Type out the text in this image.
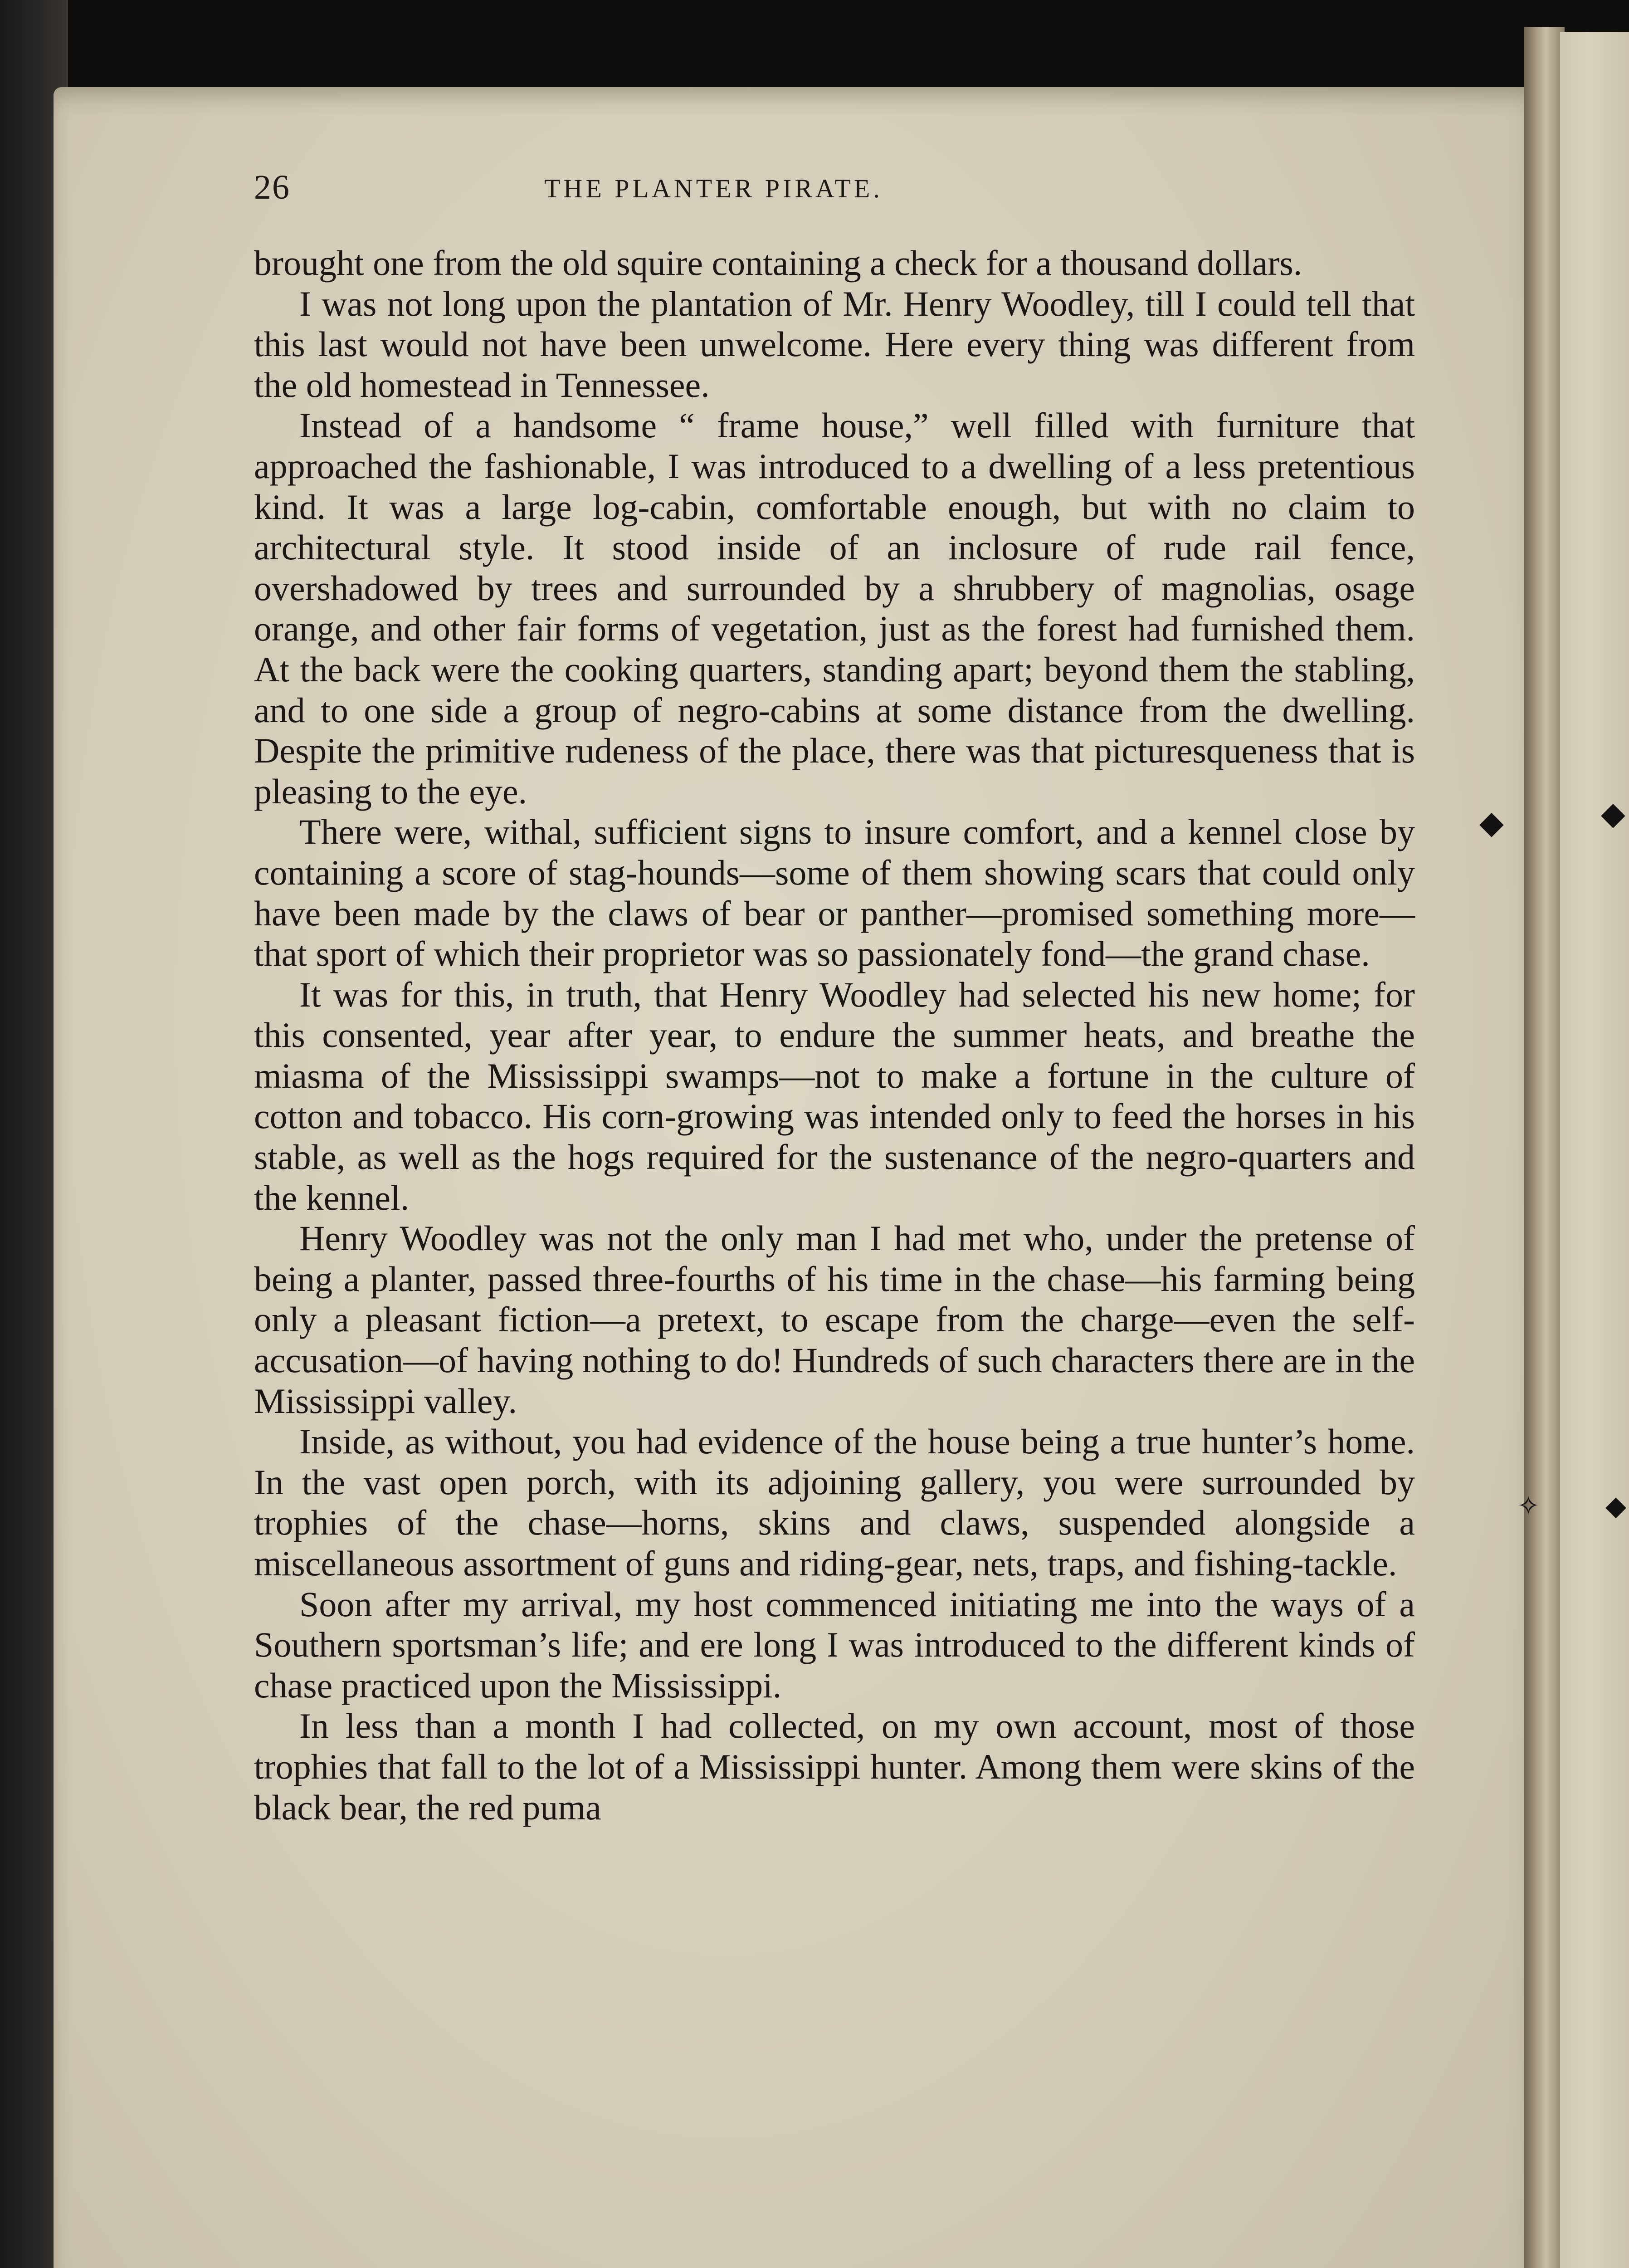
◆	◆
✧ ◆
26	THE PLANTER PIRATE.

brought one from the old squire containing a check for a thousand dollars.

I was not long upon the plantation of Mr. Henry Woodley, till I could tell that this last would not have been unwelcome. Here every thing was different from the old homestead in Tennessee.

Instead of a handsome “ frame house,” well filled with furniture that approached the fashionable, I was introduced to a dwelling of a less pretentious kind. It was a large log-cabin, comfortable enough, but with no claim to architectural style. It stood inside of an inclosure of rude rail fence, overshadowed by trees and surrounded by a shrubbery of magnolias, osage orange, and other fair forms of vegetation, just as the forest had furnished them. At the back were the cooking quarters, standing apart; beyond them the stabling, and to one side a group of negro-cabins at some distance from the dwelling. Despite the primitive rudeness of the place, there was that picturesqueness that is pleasing to the eye.

There were, withal, sufficient signs to insure comfort, and a kennel close by containing a score of stag-hounds—some of them showing scars that could only have been made by the claws of bear or panther—promised something more—that sport of which their proprietor was so passionately fond—the grand chase.

It was for this, in truth, that Henry Woodley had selected his new home; for this consented, year after year, to endure the summer heats, and breathe the miasma of the Mississippi swamps—not to make a fortune in the culture of cotton and tobacco. His corn-growing was intended only to feed the horses in his stable, as well as the hogs required for the sustenance of the negro-quarters and the kennel.

Henry Woodley was not the only man I had met who, under the pretense of being a planter, passed three-fourths of his time in the chase—his farming being only a pleasant fiction—a pretext, to escape from the charge—even the self-accusation—of having nothing to do! Hundreds of such characters there are in the Mississippi valley.

Inside, as without, you had evidence of the house being a true hunter’s home. In the vast open porch, with its adjoining gallery, you were surrounded by trophies of the chase—horns, skins and claws, suspended alongside a miscellaneous assortment of guns and riding-gear, nets, traps, and fishing-tackle.

Soon after my arrival, my host commenced initiating me into the ways of a Southern sportsman’s life; and ere long I was introduced to the different kinds of chase practiced upon the Mississippi.

In less than a month I had collected, on my own account, most of those trophies that fall to the lot of a Mississippi hunter. Among them were skins of the black bear, the red puma
